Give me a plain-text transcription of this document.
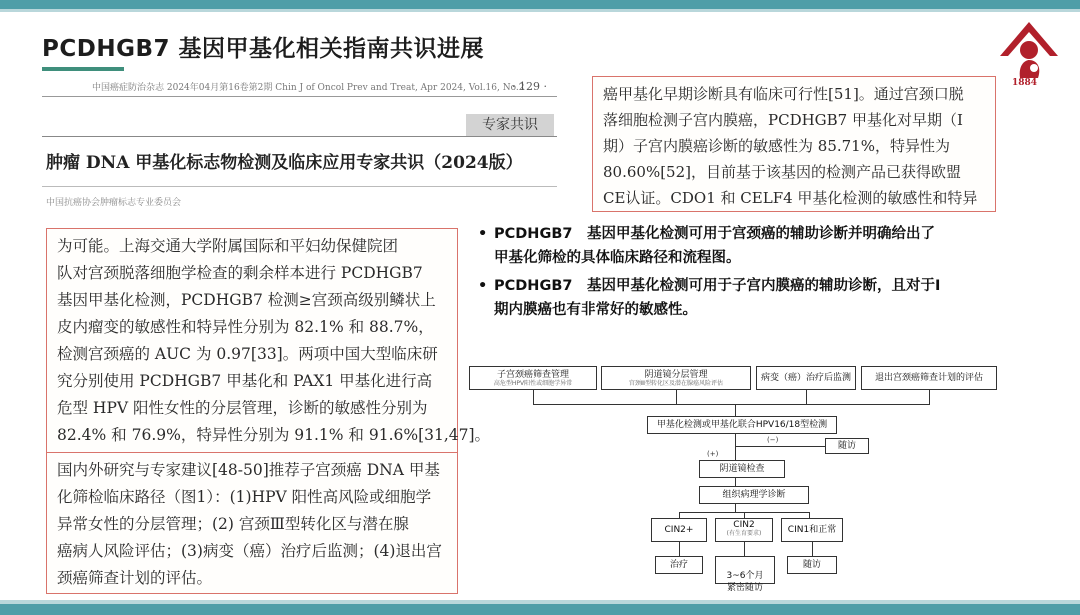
PCDHGB7 基因甲基化相关指南共识进展
1884
中国癌症防治杂志 2024年04月第16卷第2期 Chin J of Oncol Prev and Treat, Apr 2024, Vol.16, No.2
· 129 ·
专家共识
肿瘤 DNA 甲基化标志物检测及临床应用专家共识（2024版）
中国抗癌协会肿瘤标志专业委员会

为可能。上海交通大学附属国际和平妇幼保健院团

队对宫颈脱落细胞学检查的剩余样本进行 PCDHGB7

基因甲基化检测，PCDHGB7 检测≥宫颈高级别鳞状上

皮内瘤变的敏感性和特异性分别为 82.1% 和 88.7%，

检测宫颈癌的 AUC 为 0.97[33]。两项中国大型临床研

究分别使用 PCDHGB7 甲基化和 PAX1 甲基化进行高

危型 HPV 阳性女性的分层管理，诊断的敏感性分别为

82.4% 和 76.9%，特异性分别为 91.1% 和 91.6%[31,47]。

国内外研究与专家建议[48-50]推荐子宫颈癌 DNA 甲基

化筛检临床路径（图1）：(1)HPV 阳性高风险或细胞学

异常女性的分层管理；(2) 宫颈Ⅲ型转化区与潜在腺

癌病人风险评估；(3)病变（癌）治疗后监测；(4)退出宫

颈癌筛查计划的评估。

癌甲基化早期诊断具有临床可行性[51]。通过宫颈口脱

落细胞检测子宫内膜癌，PCDHGB7 甲基化对早期（Ⅰ

期）子宫内膜癌诊断的敏感性为 85.71%，特异性为

80.60%[52]，目前基于该基因的检测产品已获得欧盟

CE认证。CDO1 和 CELF4 甲基化检测的敏感性和特异

• PCDHGB7　基因甲基化检测可用于宫颈癌的辅助诊断并明确给出了
甲基化筛检的具体临床路径和流程图。
• PCDHGB7　基因甲基化检测可用于子宫内膜癌的辅助诊断，且对于I
期内膜癌也有非常好的敏感性。
子宫颈癌筛查管理
高危型HPV阳性或细胞学异常
阴道镜分层管理
宫颈Ⅲ型转化区及潜在腺癌风险评估
病变（癌）治疗后监测	退出宫颈癌筛查计划的评估
甲基化检测或甲基化联合HPV16/18型检测
(−)
随访
(+)
阴道镜检查
组织病理学诊断
CIN2+	CIN2
(有生育要求)	CIN1和正常
治疗

3~6个月
紧密随访

随访
